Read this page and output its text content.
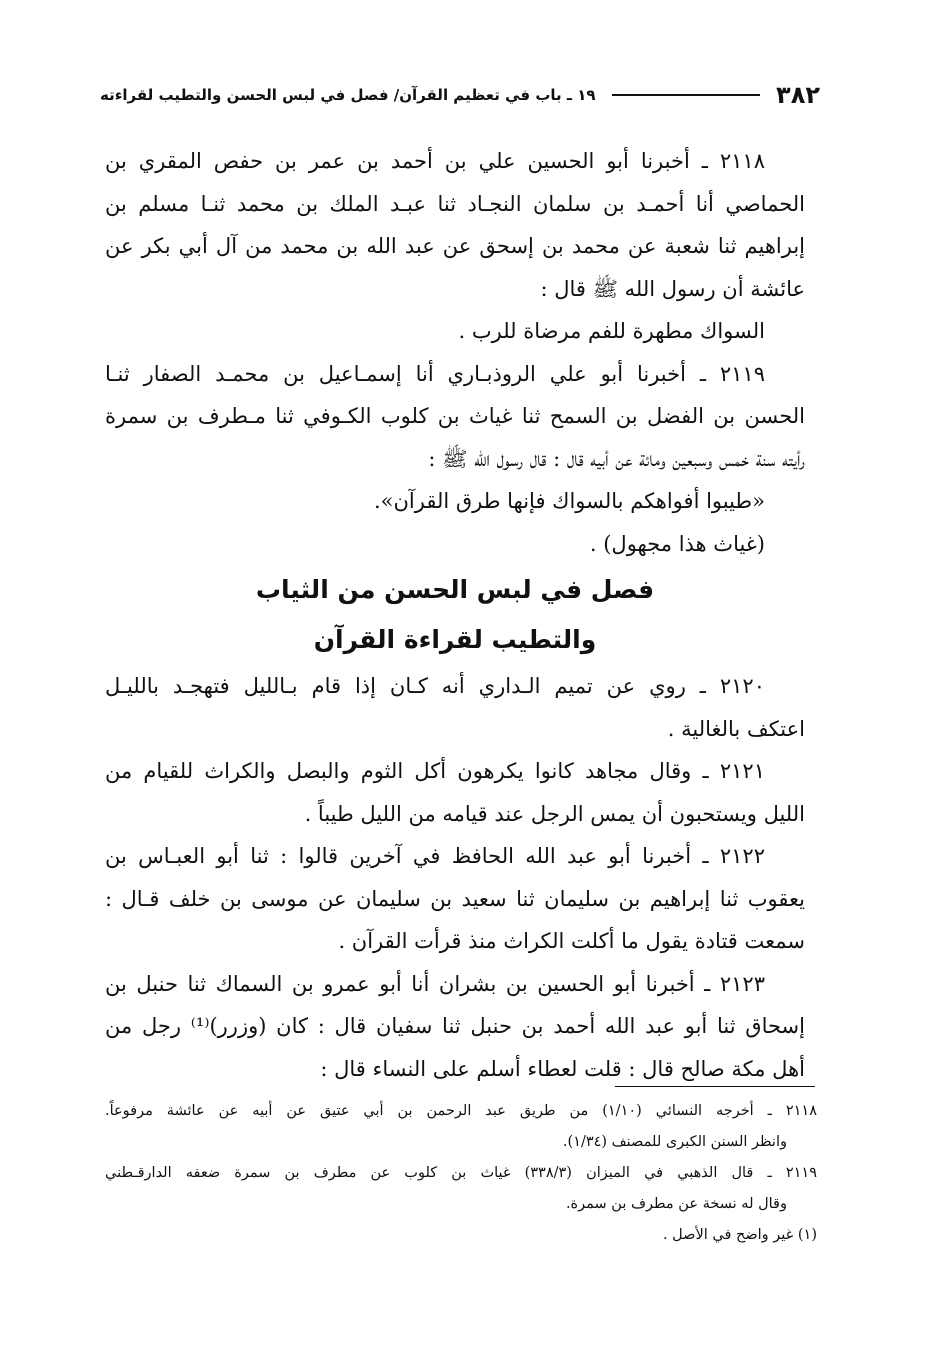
٣٨٢
١٩ ـ باب في تعظيم القرآن/ فصل في لبس الحسن والتطيب لقراءته
٢١١٨ ـ أخبرنا أبو الحسين علي بن أحمد بن عمر بن حفص المقري بن
الحماصي أنا أحمـد بن سلمان النجـاد ثنا عبـد الملك بن محمد ثنـا مسلم بن
إبراهيم ثنا شعبة عن محمد بن إسحق عن عبد الله بن محمد من آل أبي بكر عن
عائشة أن رسول الله ﷺ قال :
السواك مطهرة للفم مرضاة للرب .
٢١١٩ ـ أخبرنا أبو علي الروذبـاري أنا إسمـاعيل بن محمـد الصفار ثنـا
الحسن بن الفضل بن السمح ثنا غياث بن كلوب الكـوفي ثنا مـطرف بن سمرة
رأيته سنة خمس وسبعين ومائة عن أبيه قال : قال رسول الله ﷺ :
«طيبوا أفواهكم بالسواك فإنها طرق القرآن».
(غياث هذا مجهول) .
فصل في لبس الحسن من الثياب
والتطيب لقراءة القرآن
٢١٢٠ ـ روي عن تميم الـداري أنه كـان إذا قام بـالليل فتهجـد بالليـل
اعتكف بالغالية .
٢١٢١ ـ وقال مجاهد كانوا يكرهون أكل الثوم والبصل والكراث للقيام من
الليل ويستحبون أن يمس الرجل عند قيامه من الليل طيباً .
٢١٢٢ ـ أخبرنا أبو عبد الله الحافظ في آخرين قالوا : ثنا أبو العبـاس بن
يعقوب ثنا إبراهيم بن سليمان ثنا سعيد بن سليمان عن موسى بن خلف قـال :
سمعت قتادة يقول ما أكلت الكراث منذ قرأت القرآن .
٢١٢٣ ـ أخبرنا أبو الحسين بن بشران أنا أبو عمرو بن السماك ثنا حنبل بن
إسحاق ثنا أبو عبد الله أحمد بن حنبل ثنا سفيان قال : كان (وزرر)⁽¹⁾ رجل من
أهل مكة صالح قال : قلت لعطاء أسلم على النساء قال :
٢١١٨ ـ أخرجه النسائي (١/١٠) من طريق عبد الرحمن بن أبي عتيق عن أبيه عن عائشة مرفوعاً.
وانظر السنن الكبرى للمصنف (١/٣٤).
٢١١٩ ـ قال الذهبي في الميزان (٣٣٨/٣) غياث بن كلوب عن مطرف بن سمرة ضعفه الدارقـطني
وقال له نسخة عن مطرف بن سمرة.
(١) غير واضح في الأصل .
